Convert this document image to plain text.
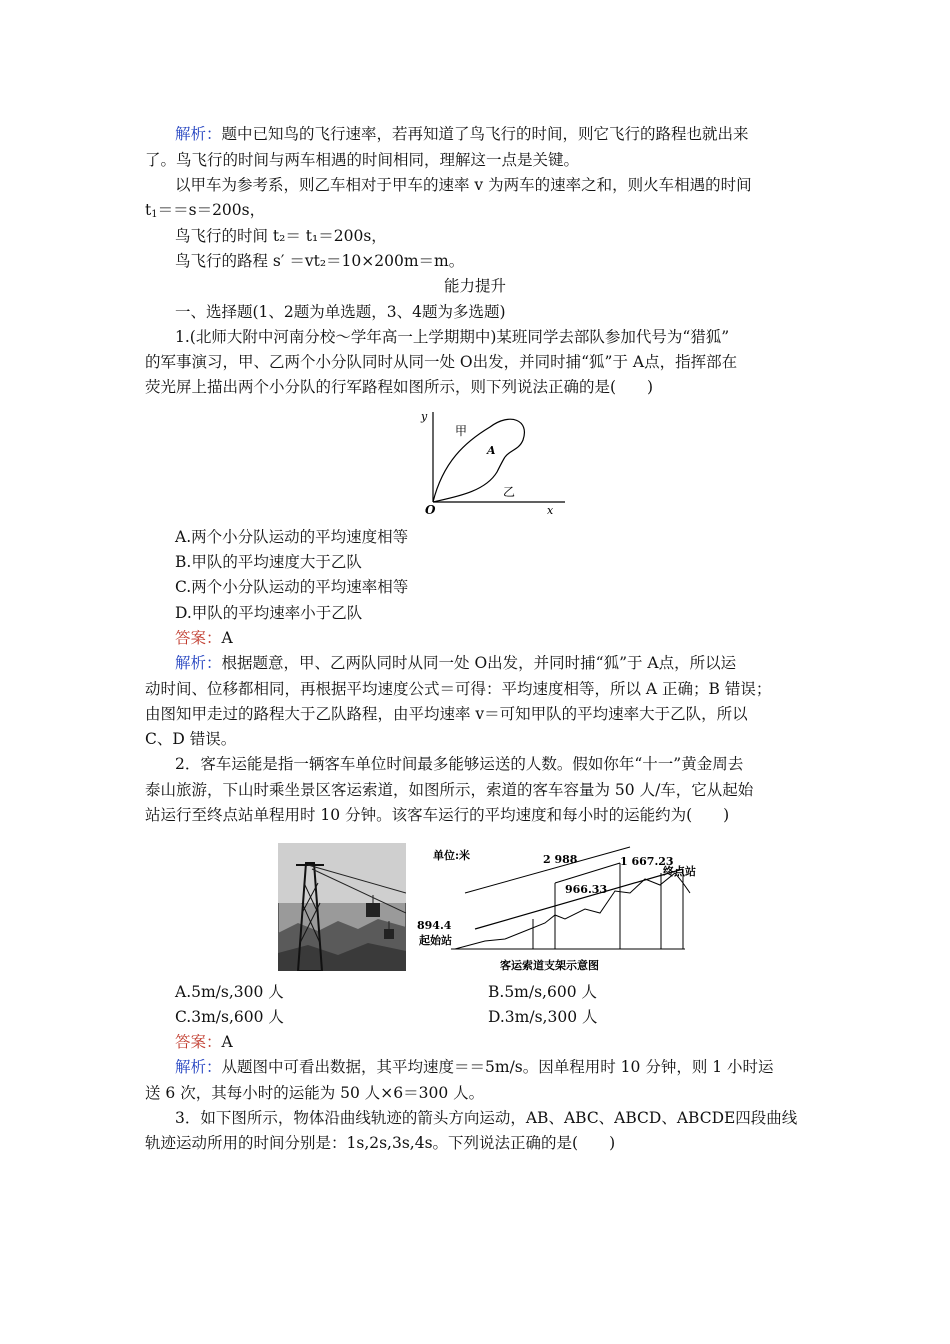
解析：题中已知鸟的飞行速率，若再知道了鸟飞行的时间，则它飞行的路程也就出来
了。鸟飞行的时间与两车相遇的时间相同，理解这一点是关键。
以甲车为参考系，则乙车相对于甲车的速率 v 为两车的速率之和，则火车相遇的时间
$t_1==s=200s$，
鸟飞行的时间 t₂＝ t₁＝200s，
鸟飞行的路程 s′ ＝vt₂＝10×200m＝m。
能力提升
一、选择题(1、2题为单选题，3、4题为多选题)
1.(北师大附中河南分校～学年高一上学期期中)某班同学去部队参加代号为“猎狐”
的军事演习，甲、乙两个小分队同时从同一处 O出发，并同时捕“狐”于 A点，指挥部在
荧光屏上描出两个小分队的行军路程如图所示，则下列说法正确的是(　　)
y
x
O
A
甲
乙
A.两个小分队运动的平均速度相等
B.甲队的平均速度大于乙队
C.两个小分队运动的平均速率相等
D.甲队的平均速率小于乙队
答案：A
解析：根据题意，甲、乙两队同时从同一处 O出发，并同时捕“狐”于 A点，所以运
动时间、位移都相同，再根据平均速度公式＝可得：平均速度相等，所以 A 正确；B 错误；
由图知甲走过的路程大于乙队路程，由平均速率 v＝可知甲队的平均速率大于乙队，所以
C、D 错误。
2．客车运能是指一辆客车单位时间最多能够运送的人数。假如你年“十一”黄金周去
泰山旅游，下山时乘坐景区客运索道，如图所示，索道的客车容量为 50 人/车，它从起始
站运行至终点站单程用时 10 分钟。该客车运行的平均速度和每小时的运能约为(　　)
单位:米	2 988
966.33
1 667.23
终点站
894.4
起始站
客运索道支架示意图
A.5m/s,300 人	B.5m/s,600 人
C.3m/s,600 人	D.3m/s,300 人
答案：A
解析：从题图中可看出数据，其平均速度＝＝5m/s。因单程用时 10 分钟，则 1 小时运
送 6 次，其每小时的运能为 50 人×6＝300 人。
3．如下图所示，物体沿曲线轨迹的箭头方向运动，AB、ABC、ABCD、ABCDE四段曲线
轨迹运动所用的时间分别是：1s,2s,3s,4s。下列说法正确的是(　　)
